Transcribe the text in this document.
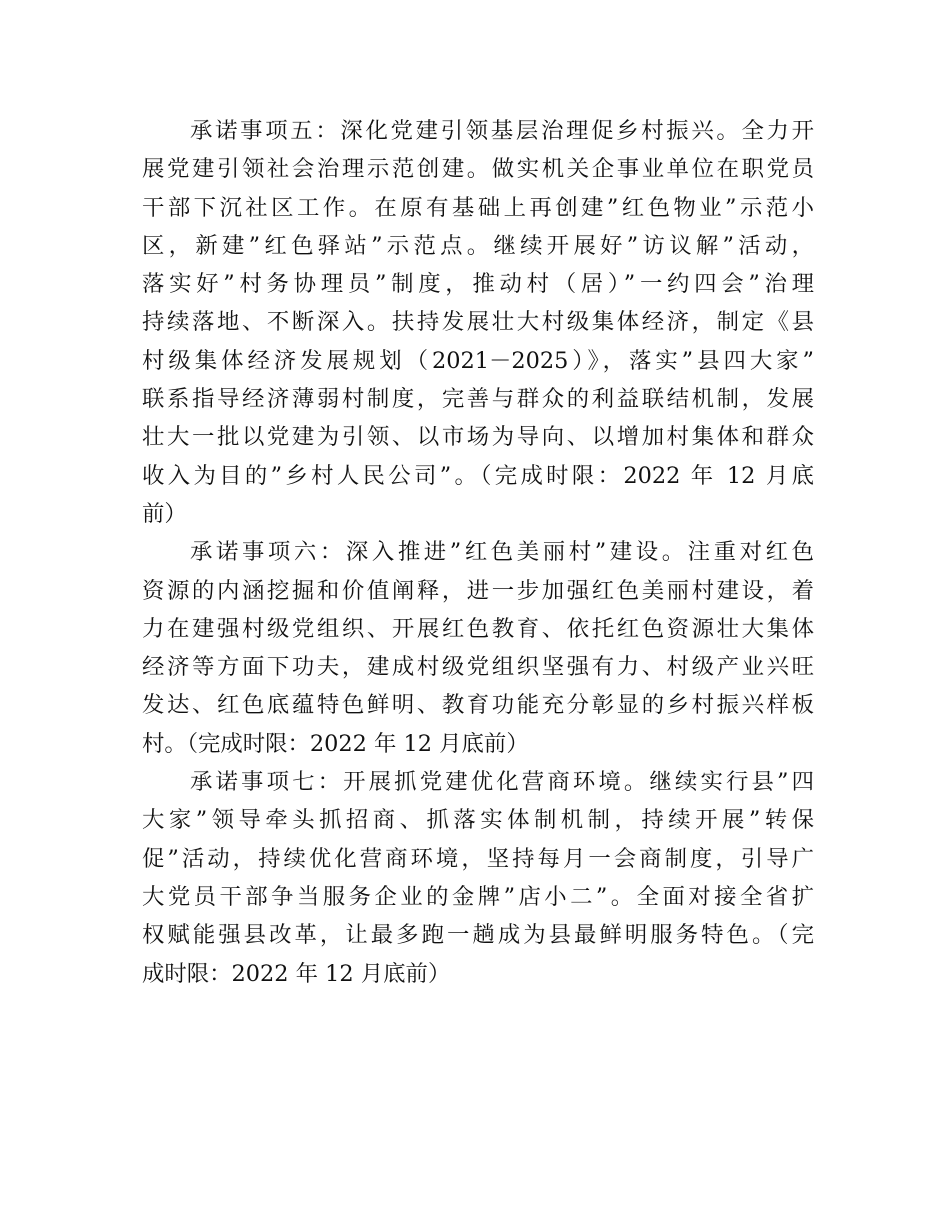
承诺事项五：深化党建引领基层治理促乡村振兴。全力开
展党建引领社会治理示范创建。做实机关企事业单位在职党员
干部下沉社区工作。在原有基础上再创建”红色物业”示范小
区，新建”红色驿站”示范点。继续开展好”访议解”活动，
落实好”村务协理员”制度，推动村（居）”一约四会”治理
持续落地、不断深入。扶持发展壮大村级集体经济，制定《县
村级集体经济发展规划（2021－2025）》，落实”县四大家”
联系指导经济薄弱村制度，完善与群众的利益联结机制，发展
壮大一批以党建为引领、以市场为导向、以增加村集体和群众
收入为目的”乡村人民公司”。（完成时限：2022 年 12 月底
前）
承诺事项六：深入推进”红色美丽村”建设。注重对红色
资源的内涵挖掘和价值阐释，进一步加强红色美丽村建设，着
力在建强村级党组织、开展红色教育、依托红色资源壮大集体
经济等方面下功夫，建成村级党组织坚强有力、村级产业兴旺
发达、红色底蕴特色鲜明、教育功能充分彰显的乡村振兴样板
村。（完成时限：2022 年 12 月底前）
承诺事项七：开展抓党建优化营商环境。继续实行县”四
大家”领导牵头抓招商、抓落实体制机制，持续开展”转保
促”活动，持续优化营商环境，坚持每月一会商制度，引导广
大党员干部争当服务企业的金牌”店小二”。全面对接全省扩
权赋能强县改革，让最多跑一趟成为县最鲜明服务特色。（完
成时限：2022 年 12 月底前）
